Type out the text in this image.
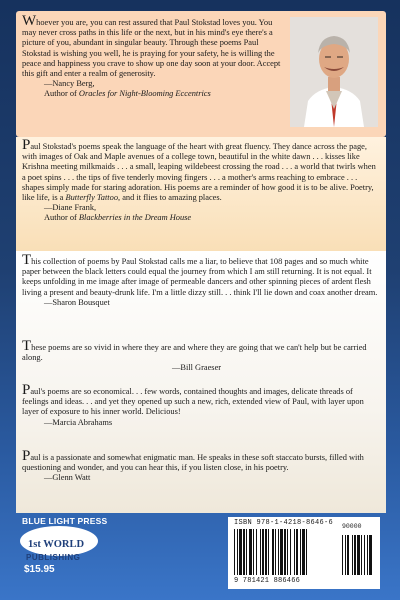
Whoever you are, you can rest assured that Paul Stokstad loves you. You may never cross paths in this life or the next, but in his mind's eye there's a picture of you, abundant in singular beauty. Through these poems Paul Stokstad is wishing you well, he is praying for your safety, he is willing the peace and happiness you crave to show up one day soon at your door. Accept this gift and enter a realm of generosity.
—Nancy Berg,
Author of Oracles for Night-Blooming Eccentrics
Paul Stokstad's poems speak the language of the heart with great fluency. They dance across the page, with images of Oak and Maple avenues of a college town, beautiful in the white dawn . . . kisses like Krishna meeting milkmaids . . . a small, leaping wildebeest crossing the road . . . a world that twirls when a poet spins . . . the tips of five tenderly moving fingers . . . a mother's arms reaching to embrace . . . shapes simply made for staring adoration. His poems are a reminder of how good it is to be alive. Poetry, like life, is a Butterfly Tattoo, and it flies to amazing places.
—Diane Frank,
Author of Blackberries in the Dream House
This collection of poems by Paul Stokstad calls me a liar, to believe that 108 pages and so much white paper between the black letters could equal the journey from which I am still returning. It is not equal. It keeps unfolding in me image after image of permeable dancers and other spinning pieces of ardent flesh living a present and beauty-drunk life. I'm a little dizzy still. . . think I'll lie down and coax another dream.
—Sharon Bousquet
These poems are so vivid in where they are and where they are going that we can't help but be carried along.
—Bill Graeser
Paul's poems are so economical. . . few words, contained thoughts and images, delicate threads of feelings and ideas. . . and yet they opened up such a new, rich, extended view of Paul, with layer upon layer of exposure to his inner world. Delicious!
—Marcia Abrahams
Paul is a passionate and somewhat enigmatic man. He speaks in these soft staccato bursts, filled with questioning and wonder, and you can hear this, if you listen close, in his poetry.
—Glenn Watt
BLUE LIGHT PRESS
1st WORLD
PUBLISHING
$15.95
ISBN 978-1-4218-8646-6
9 781421 886466
90000
